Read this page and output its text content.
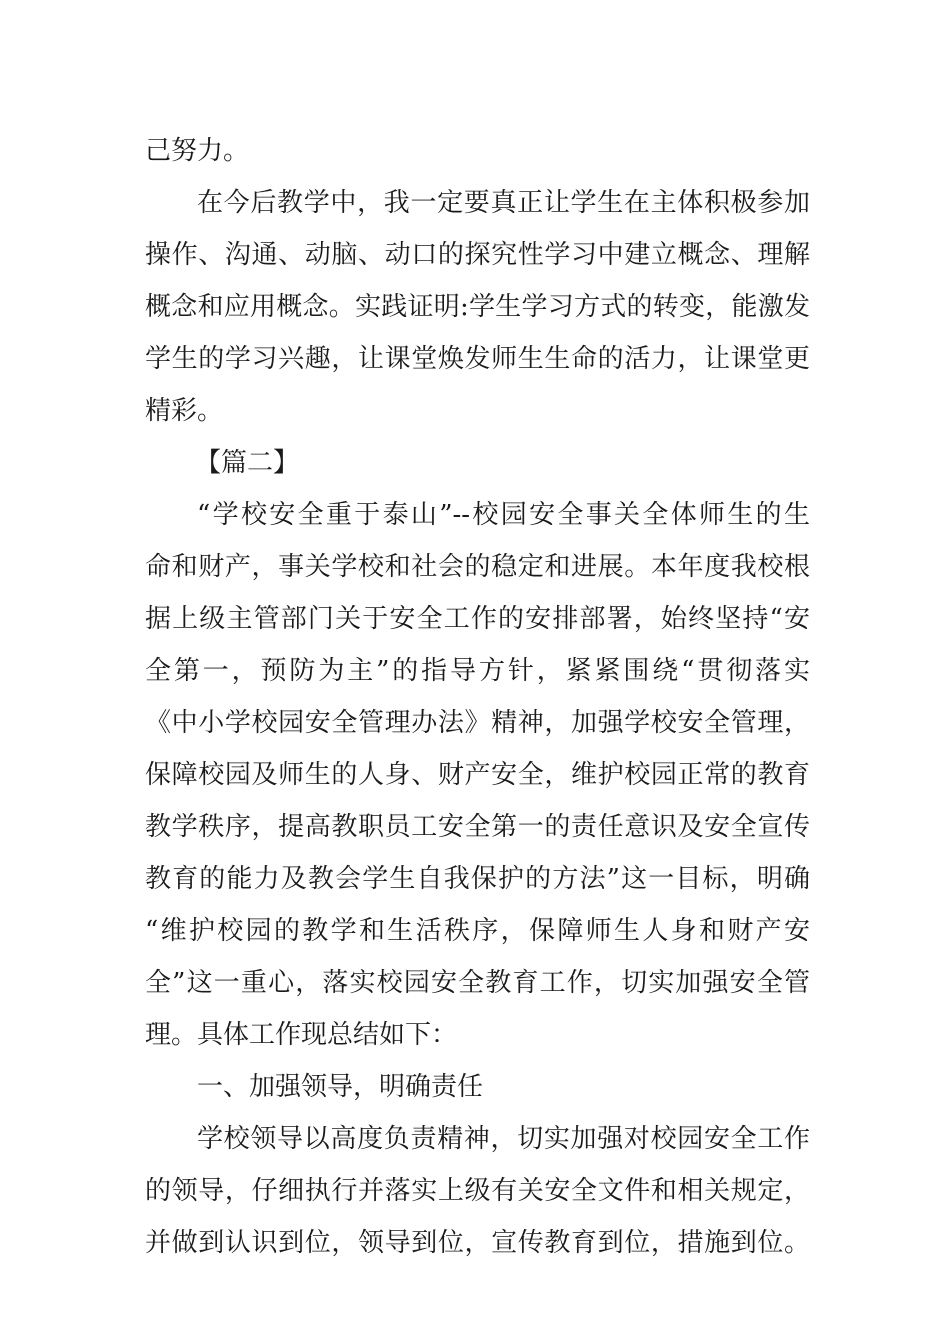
己努力。
在今后教学中，我一定要真正让学生在主体积极参加
操作、沟通、动脑、动口的探究性学习中建立概念、理解
概念和应用概念。实践证明:学生学习方式的转变，能激发
学生的学习兴趣，让课堂焕发师生生命的活力，让课堂更
精彩。
【篇二】
“学校安全重于泰山”--校园安全事关全体师生的生
命和财产，事关学校和社会的稳定和进展。本年度我校根
据上级主管部门关于安全工作的安排部署，始终坚持“安
全第一，预防为主”的指导方针，紧紧围绕“贯彻落实
《中小学校园安全管理办法》精神，加强学校安全管理，
保障校园及师生的人身、财产安全，维护校园正常的教育
教学秩序，提高教职员工安全第一的责任意识及安全宣传
教育的能力及教会学生自我保护的方法”这一目标，明确
“维护校园的教学和生活秩序，保障师生人身和财产安
全”这一重心，落实校园安全教育工作，切实加强安全管
理。具体工作现总结如下：
一、加强领导，明确责任
学校领导以高度负责精神，切实加强对校园安全工作
的领导，仔细执行并落实上级有关安全文件和相关规定，
并做到认识到位，领导到位，宣传教育到位，措施到位。
